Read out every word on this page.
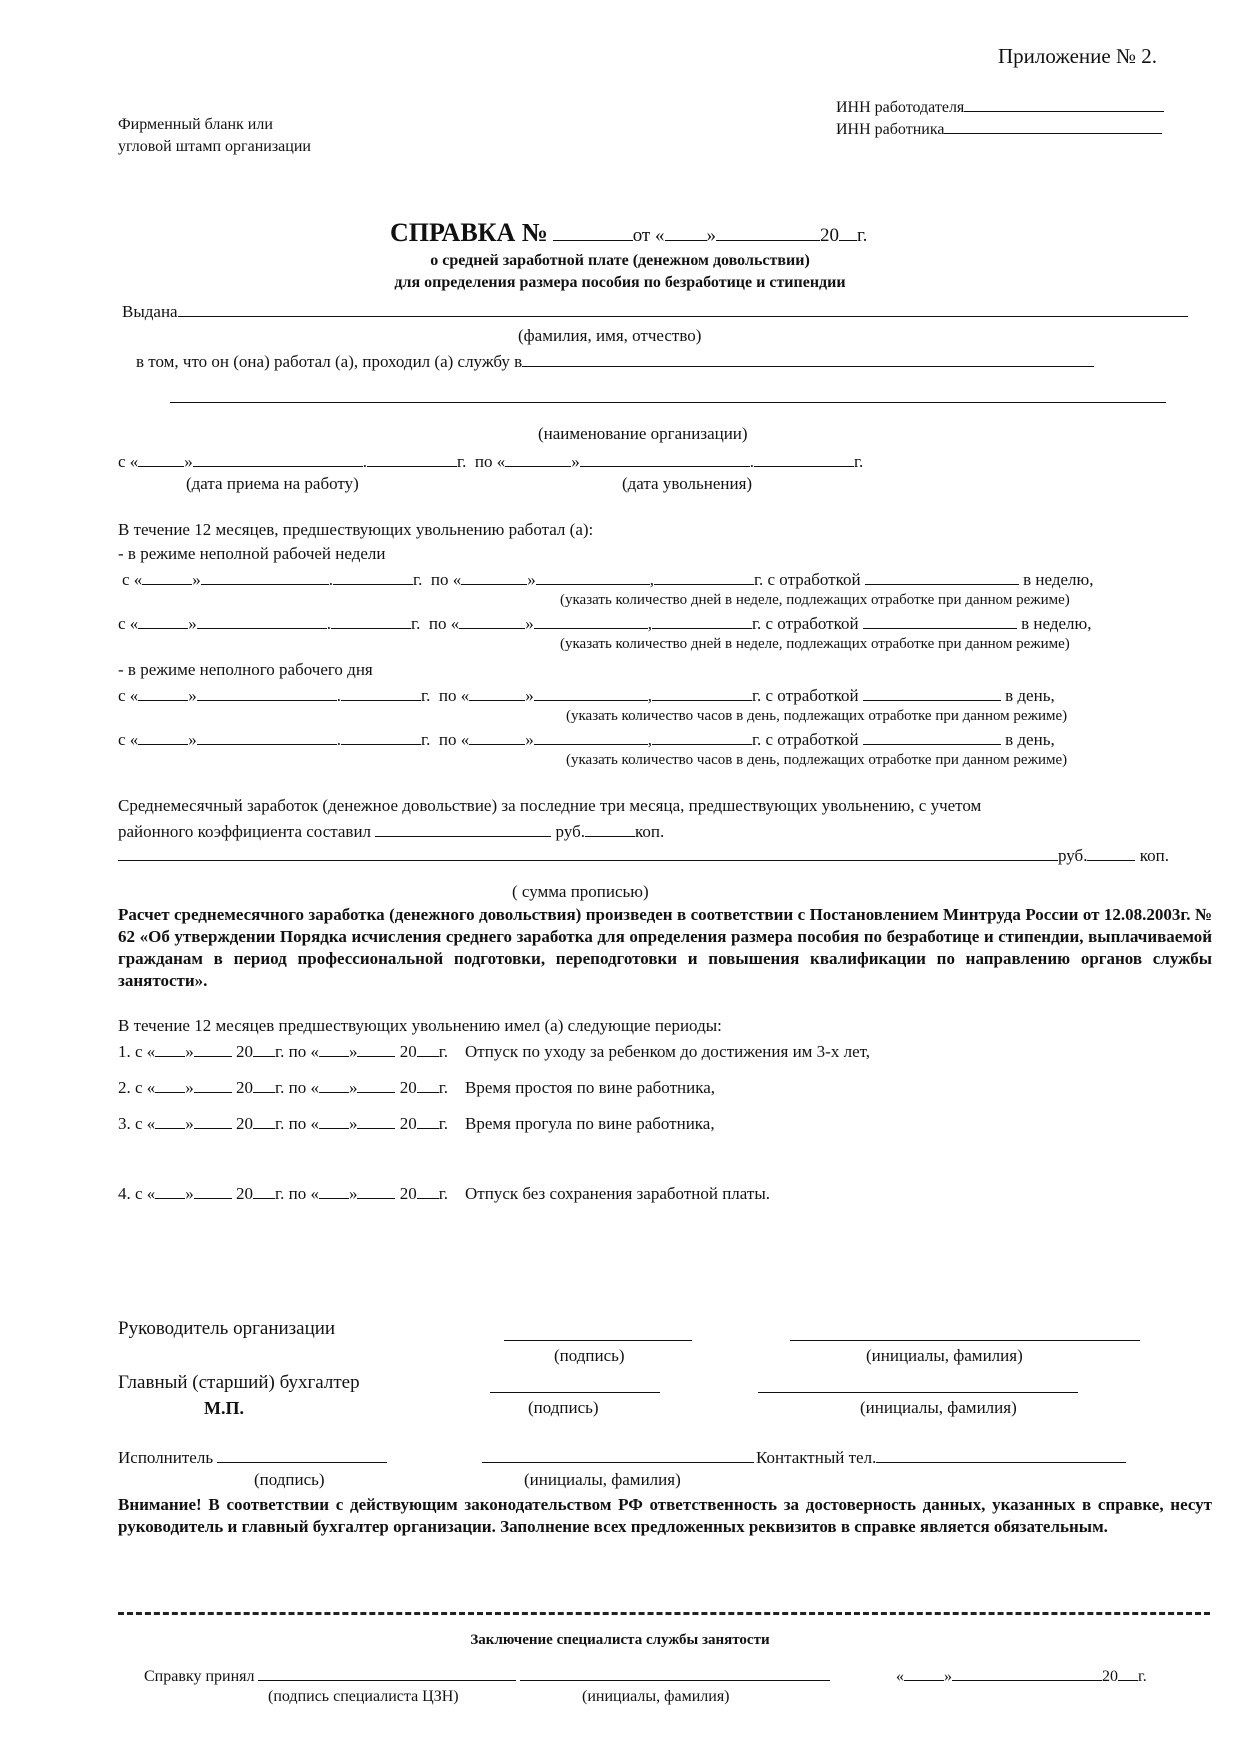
Приложение № 2.
Фирменный бланк или
угловой штамп организации
ИНН работодателя
ИНН работника
СПРАВКА №	от « »	20 г.
о средней заработной плате (денежном довольствии)
для определения размера пособия по безработице и стипендии
Выдана
(фамилия, имя, отчество)
в том, что он (она) работал (а), проходил (а) службу в
(наименование организации)
с «	»	.	г. по «	»	.	г.
(дата приема на работу)	(дата увольнения)
В течение 12 месяцев, предшествующих увольнению работал (а):
- в режиме неполной рабочей недели
с «	»	.	г.  по «	»	,	г. с отработкой	в неделю,
(указать количество дней в неделе, подлежащих отработке при данном режиме)
с «	»	.	г.  по «	»	,	г. с отработкой	в неделю,
(указать количество дней в неделе, подлежащих отработке при данном режиме)
- в режиме неполного рабочего дня
с «	»	.	г.  по «	»	,	г. с отработкой	в день,
(указать количество часов в день, подлежащих отработке при данном режиме)
с «	»	.	г.  по «	»	,	г. с отработкой	в день,
(указать количество часов в день, подлежащих отработке при данном режиме)
Среднемесячный заработок (денежное довольствие) за последние три месяца, предшествующих увольнению, с учетом
районного коэффициента составил	руб.	коп.
руб.	коп.
( сумма прописью)
Расчет среднемесячного заработка (денежного довольствия) произведен в соответствии с Постановлением Минтруда России от 12.08.2003г. № 62 «Об утверждении Порядка исчисления среднего заработка для определения размера пособия по безработице и стипендии, выплачиваемой гражданам в период профессиональной подготовки, переподготовки и повышения квалификации по направлению органов службы занятости».
В течение 12 месяцев предшествующих увольнению имел (а) следующие периоды:
1. с « » 20 г. по « » 20 г. Отпуск по уходу за ребенком до достижения им 3-х лет,
2. с « » 20 г. по « » 20 г. Время простоя по вине работника,
3. с « » 20 г. по « » 20 г. Время прогула по вине работника,
4. с « » 20 г. по « » 20 г. Отпуск без сохранения заработной платы.
Руководитель организации
(подпись)	(инициалы, фамилия)
Главный (старший) бухгалтер
М.П.	(подпись)	(инициалы, фамилия)
Исполнитель	Контактный тел.
(подпись)	(инициалы, фамилия)
Внимание! В соответствии с действующим законодательством РФ ответственность за достоверность данных, указанных в справке, несут руководитель и главный бухгалтер организации. Заполнение всех предложенных реквизитов в справке является обязательным.
Заключение специалиста службы занятости
Справку принял	«	»	20 г.
(подпись специалиста ЦЗН)	(инициалы, фамилия)
